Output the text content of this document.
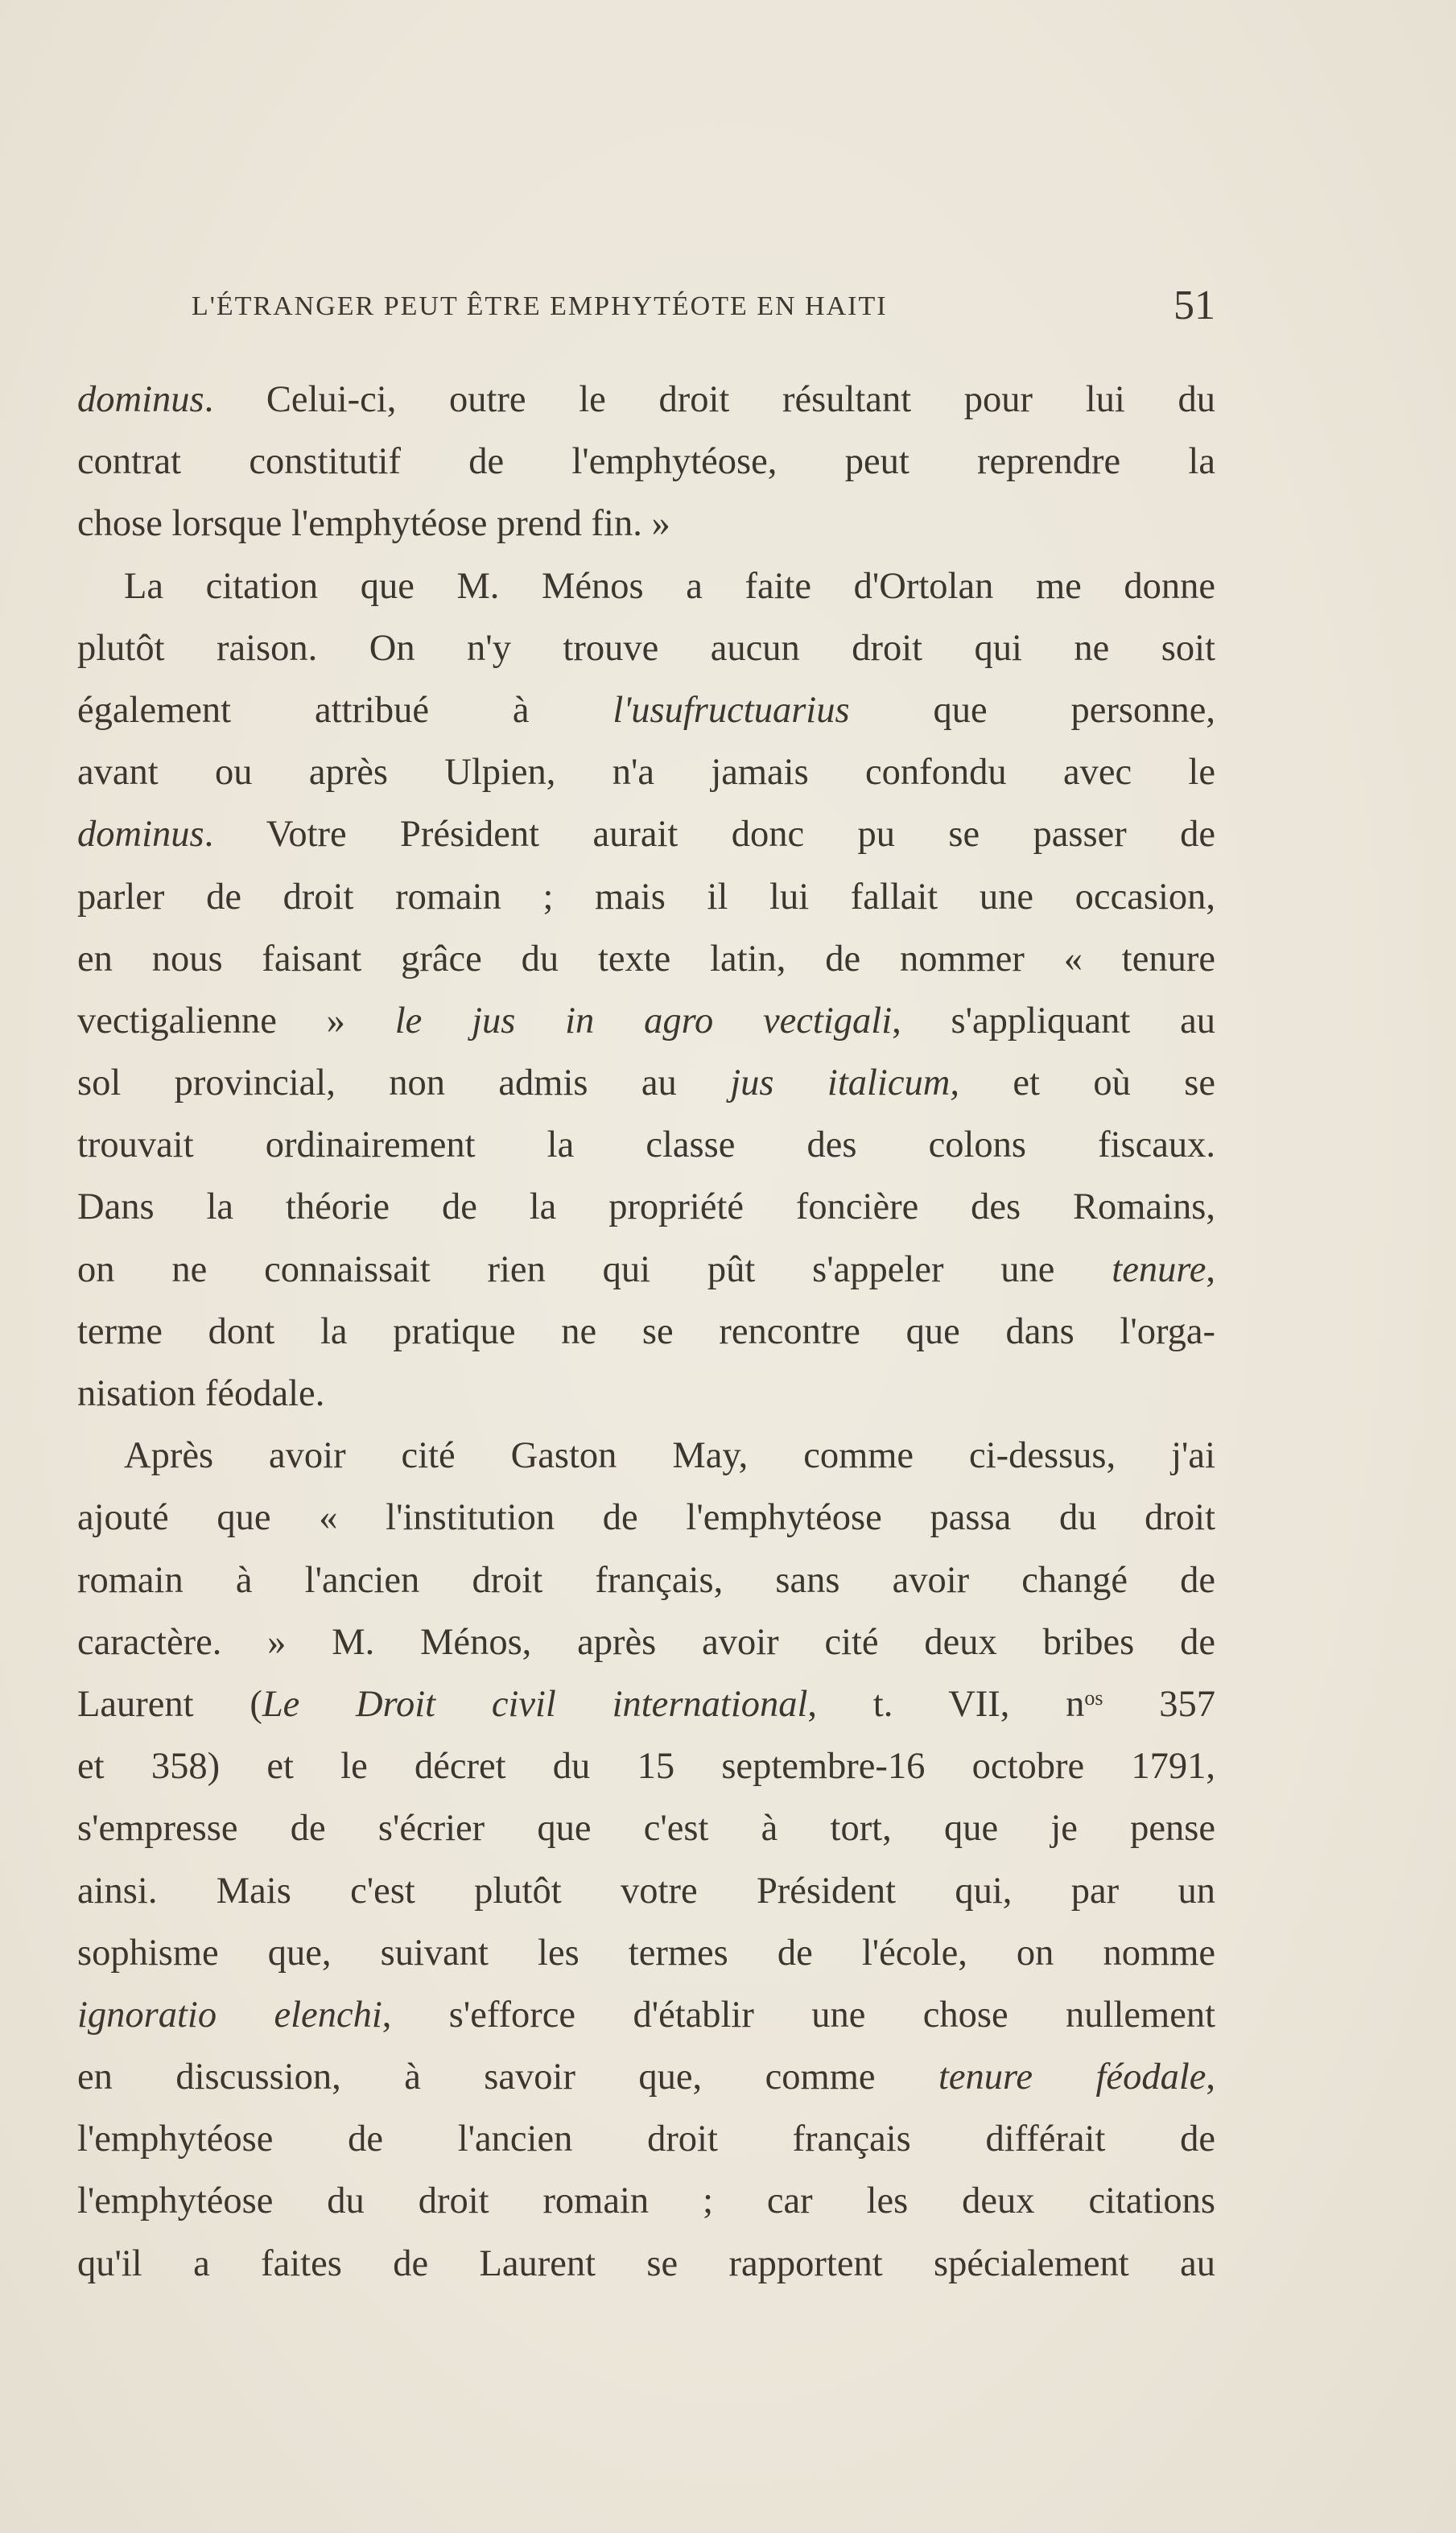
L'ÉTRANGER PEUT ÊTRE EMPHYTÉOTE EN HAITI	51
dominus. Celui-ci, outre le droit résultant pour lui du
contrat constitutif de l'emphytéose, peut reprendre la
chose lorsque l'emphytéose prend fin. »
La citation que M. Ménos a faite d'Ortolan me donne
plutôt raison. On n'y trouve aucun droit qui ne soit
également attribué à l'usufructuarius que personne,
avant ou après Ulpien, n'a jamais confondu avec le
dominus. Votre Président aurait donc pu se passer de
parler de droit romain ; mais il lui fallait une occasion,
en nous faisant grâce du texte latin, de nommer « tenure
vectigalienne » le jus in agro vectigali, s'appliquant au
sol provincial, non admis au jus italicum, et où se
trouvait ordinairement la classe des colons fiscaux.
Dans la théorie de la propriété foncière des Romains,
on ne connaissait rien qui pût s'appeler une tenure,
terme dont la pratique ne se rencontre que dans l'orga-
nisation féodale.
Après avoir cité Gaston May, comme ci-dessus, j'ai
ajouté que « l'institution de l'emphytéose passa du droit
romain à l'ancien droit français, sans avoir changé de
caractère. » M. Ménos, après avoir cité deux bribes de
Laurent (Le Droit civil international, t. VII, $n^{os}$ 357
et 358) et le décret du 15 septembre-16 octobre 1791,
s'empresse de s'écrier que c'est à tort, que je pense
ainsi. Mais c'est plutôt votre Président qui, par un
sophisme que, suivant les termes de l'école, on nomme
ignoratio elenchi, s'efforce d'établir une chose nullement
en discussion, à savoir que, comme tenure féodale,
l'emphytéose de l'ancien droit français différait de
l'emphytéose du droit romain ; car les deux citations
qu'il a faites de Laurent se rapportent spécialement au
